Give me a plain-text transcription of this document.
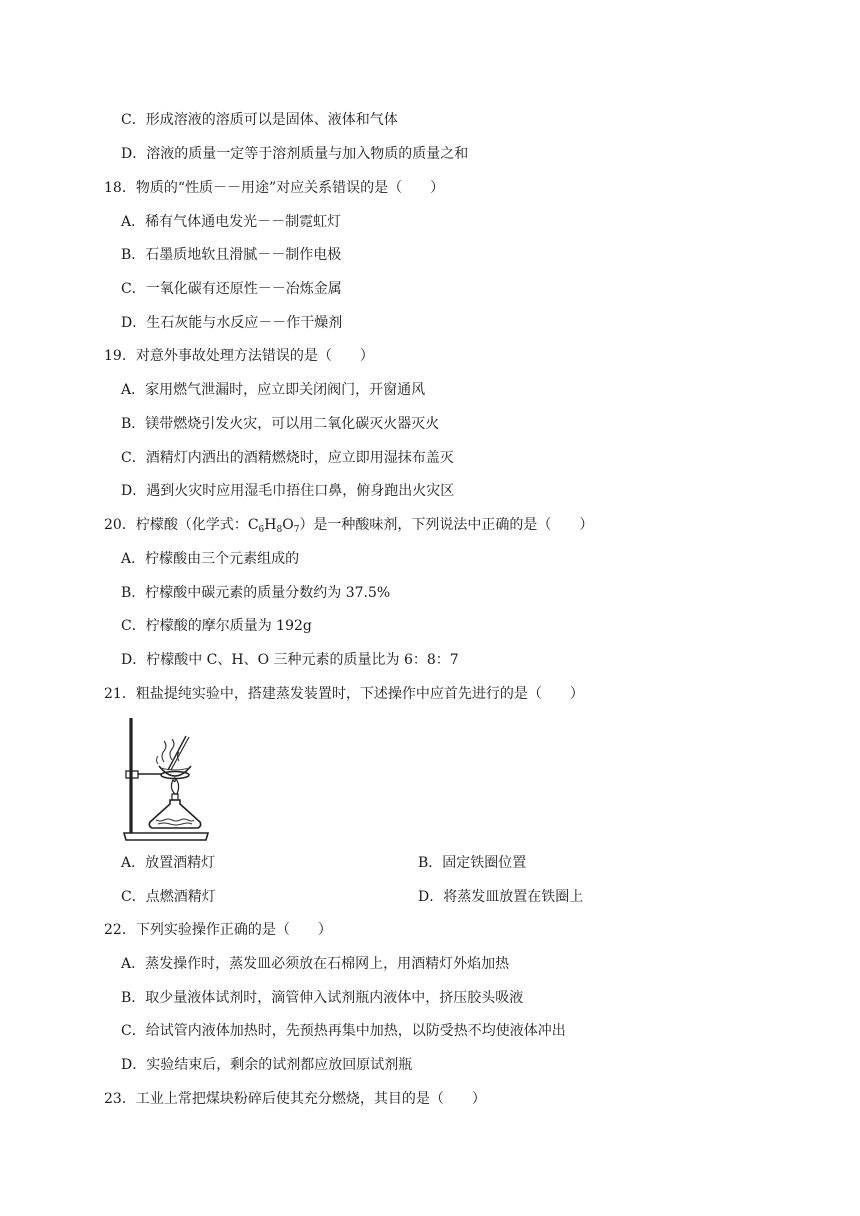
C．形成溶液的溶质可以是固体、液体和气体
D．溶液的质量一定等于溶剂质量与加入物质的质量之和
18．物质的“性质－－用途”对应关系错误的是（　　）
A．稀有气体通电发光－－制霓虹灯
B．石墨质地软且滑腻－－制作电极
C．一氧化碳有还原性－－冶炼金属
D．生石灰能与水反应－－作干燥剂
19．对意外事故处理方法错误的是（　　）
A．家用燃气泄漏时，应立即关闭阀门，开窗通风
B．镁带燃烧引发火灾，可以用二氧化碳灭火器灭火
C．酒精灯内洒出的酒精燃烧时，应立即用湿抹布盖灭
D．遇到火灾时应用湿毛巾捂住口鼻，俯身跑出火灾区
20．柠檬酸（化学式：$C_6H_8O_7$）是一种酸味剂，下列说法中正确的是（　　）
A．柠檬酸由三个元素组成的
B．柠檬酸中碳元素的质量分数约为 37.5%
C．柠檬酸的摩尔质量为 192g
D．柠檬酸中 C、H、O 三种元素的质量比为 6：8：7
21．粗盐提纯实验中，搭建蒸发装置时，下述操作中应首先进行的是（　　）
A．放置酒精灯	B．固定铁圈位置
C．点燃酒精灯	D．将蒸发皿放置在铁圈上
22．下列实验操作正确的是（　　）
A．蒸发操作时，蒸发皿必须放在石棉网上，用酒精灯外焰加热
B．取少量液体试剂时，滴管伸入试剂瓶内液体中，挤压胶头吸液
C．给试管内液体加热时，先预热再集中加热，以防受热不均使液体冲出
D．实验结束后，剩余的试剂都应放回原试剂瓶
23．工业上常把煤块粉碎后使其充分燃烧，其目的是（　　）
